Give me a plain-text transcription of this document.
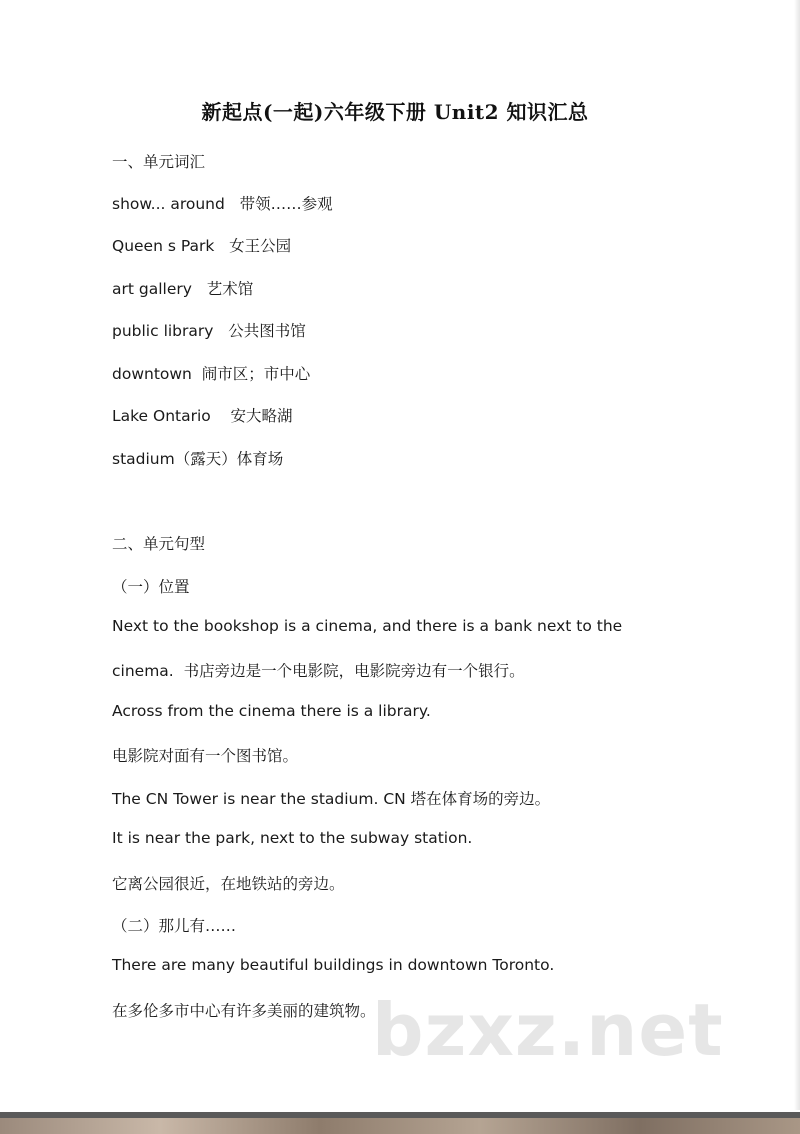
新起点(一起)六年级下册 Unit2 知识汇总

一、单元词汇

show... around   带领……参观

Queen s Park   女王公园

art gallery   艺术馆

public library   公共图书馆

downtown  闹市区；市中心

Lake Ontario    安大略湖

stadium（露天）体育场

二、单元句型

（一）位置

Next to the bookshop is a cinema, and there is a bank next to the

cinema.  书店旁边是一个电影院，电影院旁边有一个银行。

Across from the cinema there is a library.

电影院对面有一个图书馆。

The CN Tower is near the stadium. CN 塔在体育场的旁边。

It is near the park, next to the subway station.

它离公园很近，在地铁站的旁边。

（二）那儿有……

There are many beautiful buildings in downtown Toronto.

在多伦多市中心有许多美丽的建筑物。

bzxz.net
